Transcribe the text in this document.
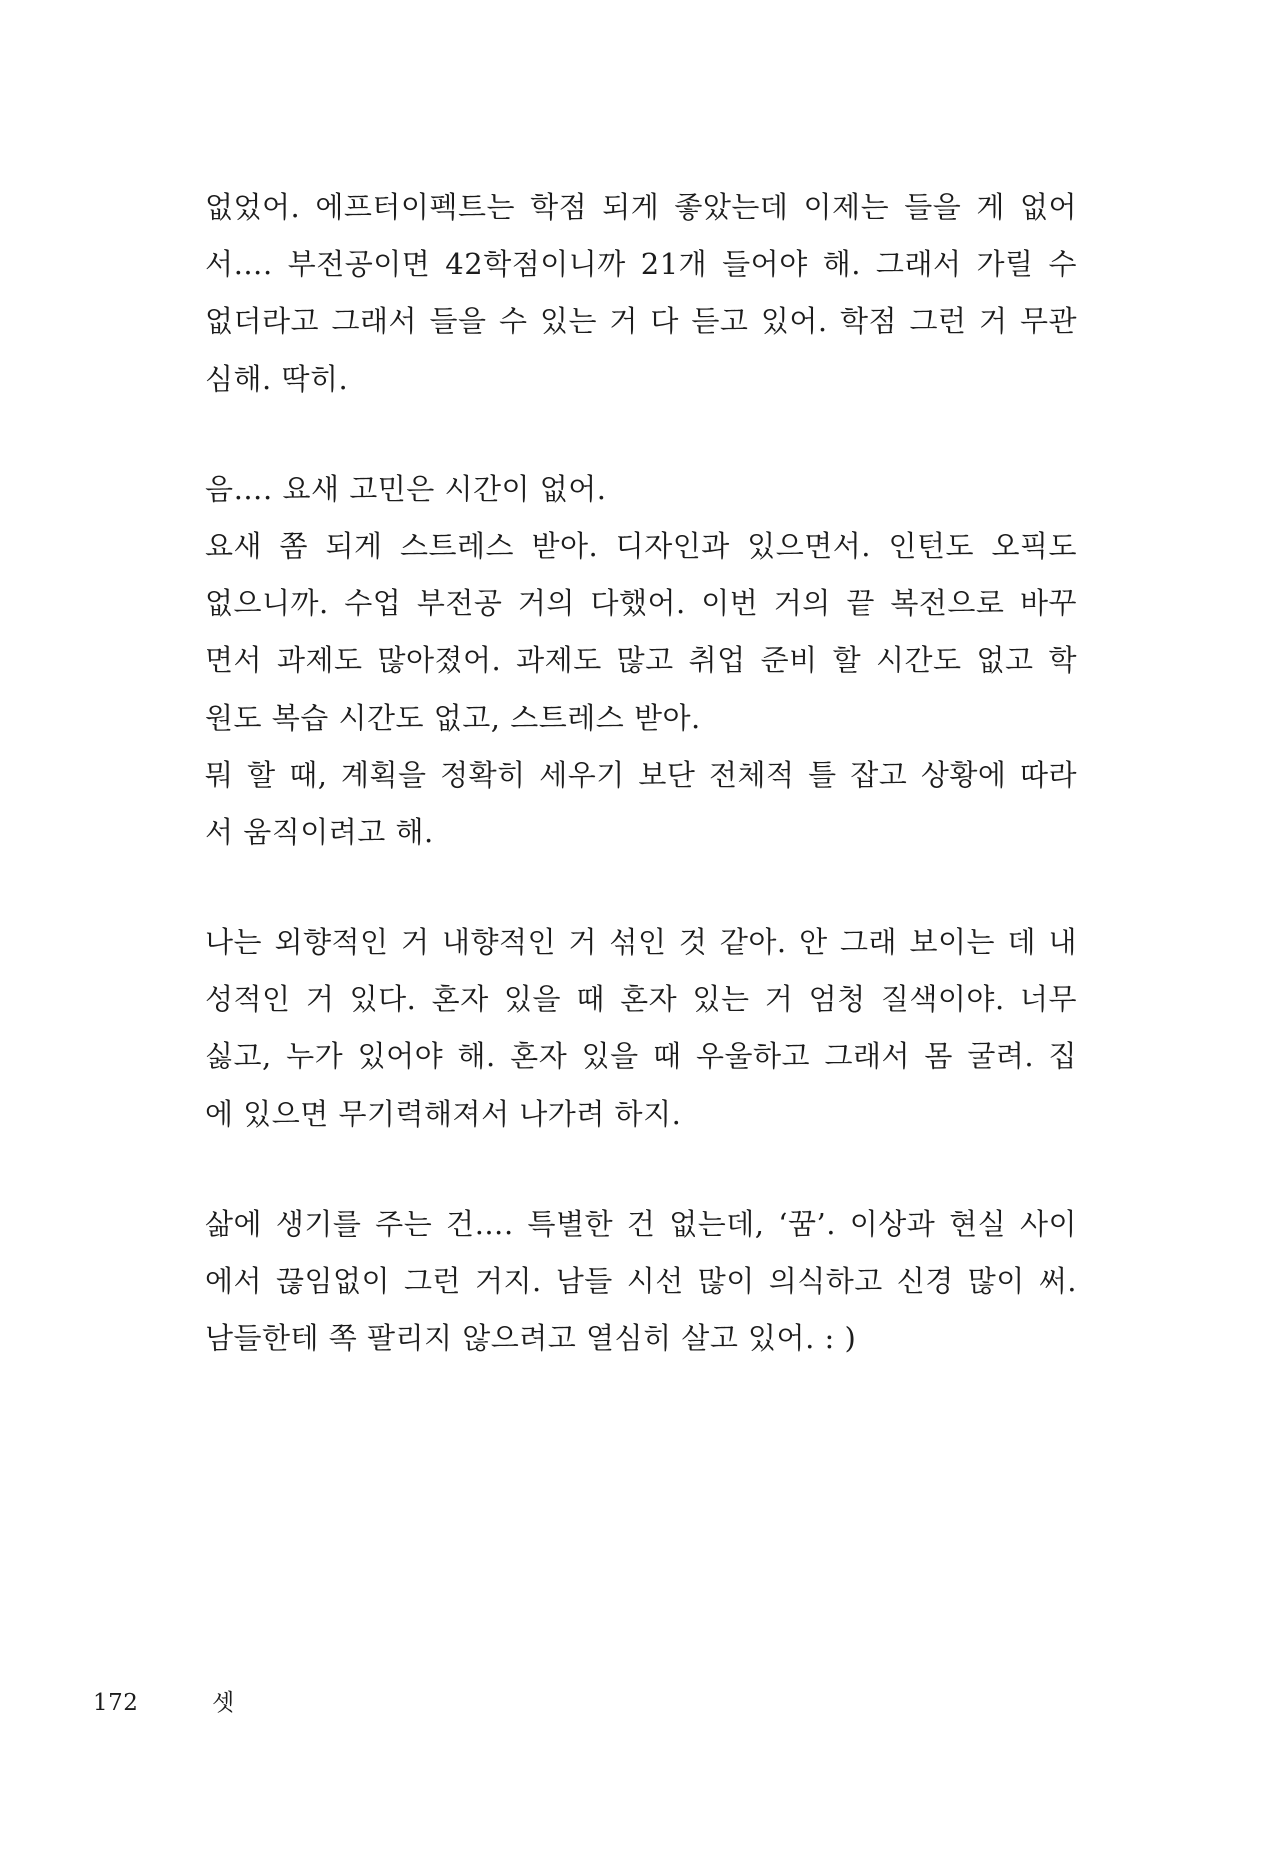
없었어. 에프터이펙트는 학점 되게 좋았는데 이제는 들을 게 없어
서…. 부전공이면 42학점이니까 21개 들어야 해. 그래서 가릴 수
없더라고 그래서 들을 수 있는 거 다 듣고 있어. 학점 그런 거 무관
심해. 딱히.
음…. 요새 고민은 시간이 없어.
요새 쫌 되게 스트레스 받아. 디자인과 있으면서. 인턴도 오픽도
없으니까. 수업 부전공 거의 다했어. 이번 거의 끝 복전으로 바꾸
면서 과제도 많아졌어. 과제도 많고 취업 준비 할 시간도 없고 학
원도 복습 시간도 없고, 스트레스 받아.
뭐 할 때, 계획을 정확히 세우기 보단 전체적 틀 잡고 상황에 따라
서 움직이려고 해.
나는 외향적인 거 내향적인 거 섞인 것 같아. 안 그래 보이는 데 내
성적인 거 있다. 혼자 있을 때 혼자 있는 거 엄청 질색이야. 너무
싫고, 누가 있어야 해. 혼자 있을 때 우울하고 그래서 몸 굴려. 집
에 있으면 무기력해져서 나가려 하지.
삶에 생기를 주는 건…. 특별한 건 없는데, ‘꿈’. 이상과 현실 사이
에서 끊임없이 그런 거지. 남들 시선 많이 의식하고 신경 많이 써.
남들한테 쪽 팔리지 않으려고 열심히 살고 있어. : )
172	셋
